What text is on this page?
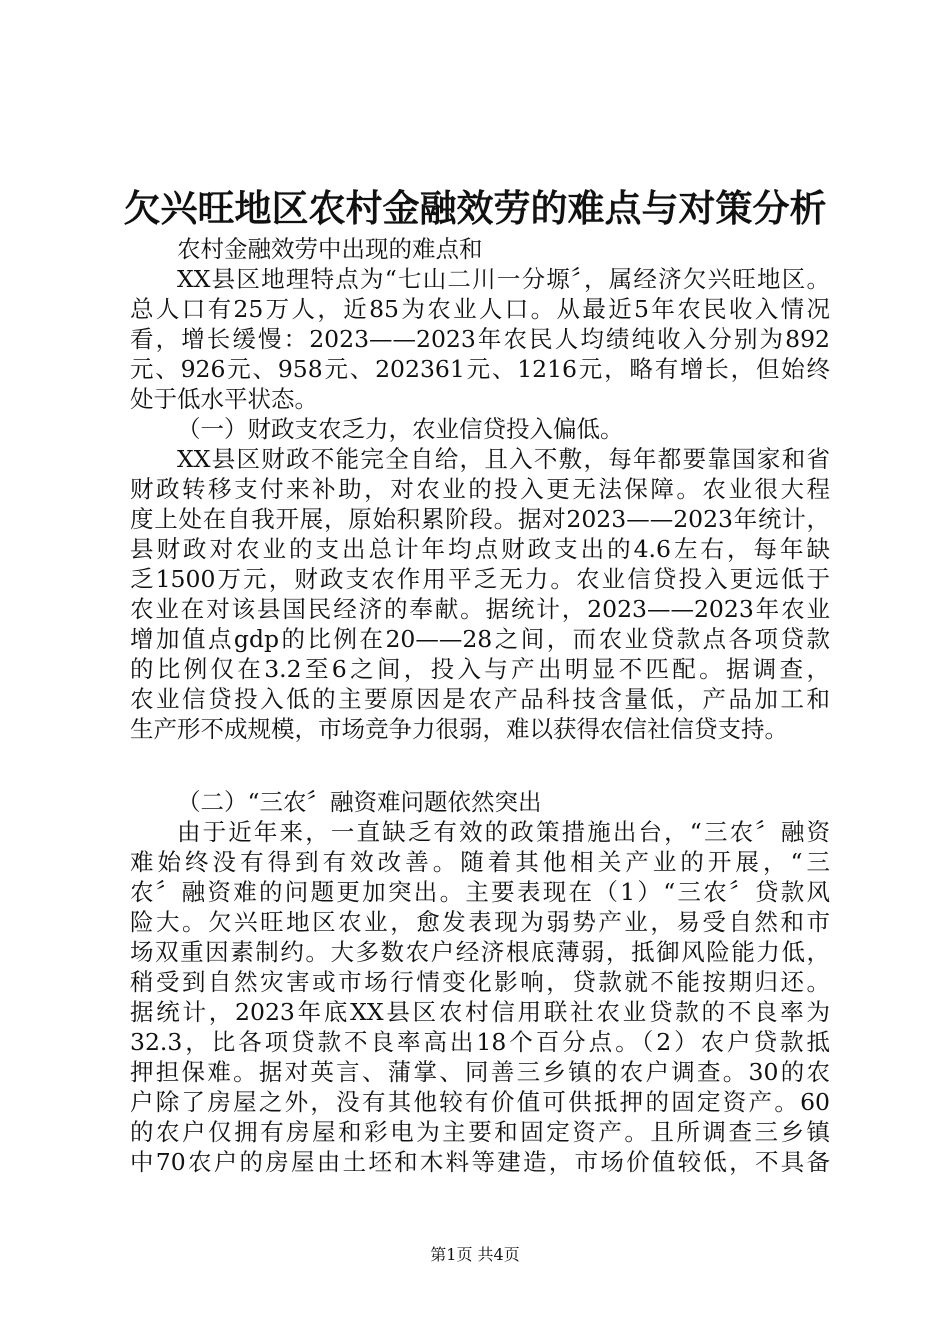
欠兴旺地区农村金融效劳的难点与对策分析
农村金融效劳中出现的难点和
XX县区地理特点为“七山二川一分塬〞，属经济欠兴旺地区。
总人口有25万人，近85为农业人口。从最近5年农民收入情况
看，增长缓慢：2023——2023年农民人均绩纯收入分别为892
元、926元、958元、202361元、1216元，略有增长，但始终
处于低水平状态。
（一）财政支农乏力，农业信贷投入偏低。
XX县区财政不能完全自给，且入不敷，每年都要靠国家和省
财政转移支付来补助，对农业的投入更无法保障。农业很大程
度上处在自我开展，原始积累阶段。据对2023——2023年统计，
县财政对农业的支出总计年均点财政支出的4.6左右，每年缺
乏1500万元，财政支农作用平乏无力。农业信贷投入更远低于
农业在对该县国民经济的奉献。据统计，2023——2023年农业
增加值点gdp的比例在20——28之间，而农业贷款点各项贷款
的比例仅在3.2至6之间，投入与产出明显不匹配。据调查，
农业信贷投入低的主要原因是农产品科技含量低，产品加工和
生产形不成规模，市场竞争力很弱，难以获得农信社信贷支持。
（二）“三农〞融资难问题依然突出
由于近年来，一直缺乏有效的政策措施出台，“三农〞融资
难始终没有得到有效改善。随着其他相关产业的开展，“三
农〞融资难的问题更加突出。主要表现在（1）“三农〞贷款风
险大。欠兴旺地区农业，愈发表现为弱势产业，易受自然和市
场双重因素制约。大多数农户经济根底薄弱，抵御风险能力低，
稍受到自然灾害或市场行情变化影响，贷款就不能按期归还。
据统计，2023年底XX县区农村信用联社农业贷款的不良率为
32.3，比各项贷款不良率高出18个百分点。（2）农户贷款抵
押担保难。据对英言、蒲掌、同善三乡镇的农户调查。30的农
户除了房屋之外，没有其他较有价值可供抵押的固定资产。60
的农户仅拥有房屋和彩电为主要和固定资产。且所调查三乡镇
中70农户的房屋由土坯和木料等建造，市场价值较低，不具备
第1页 共4页
